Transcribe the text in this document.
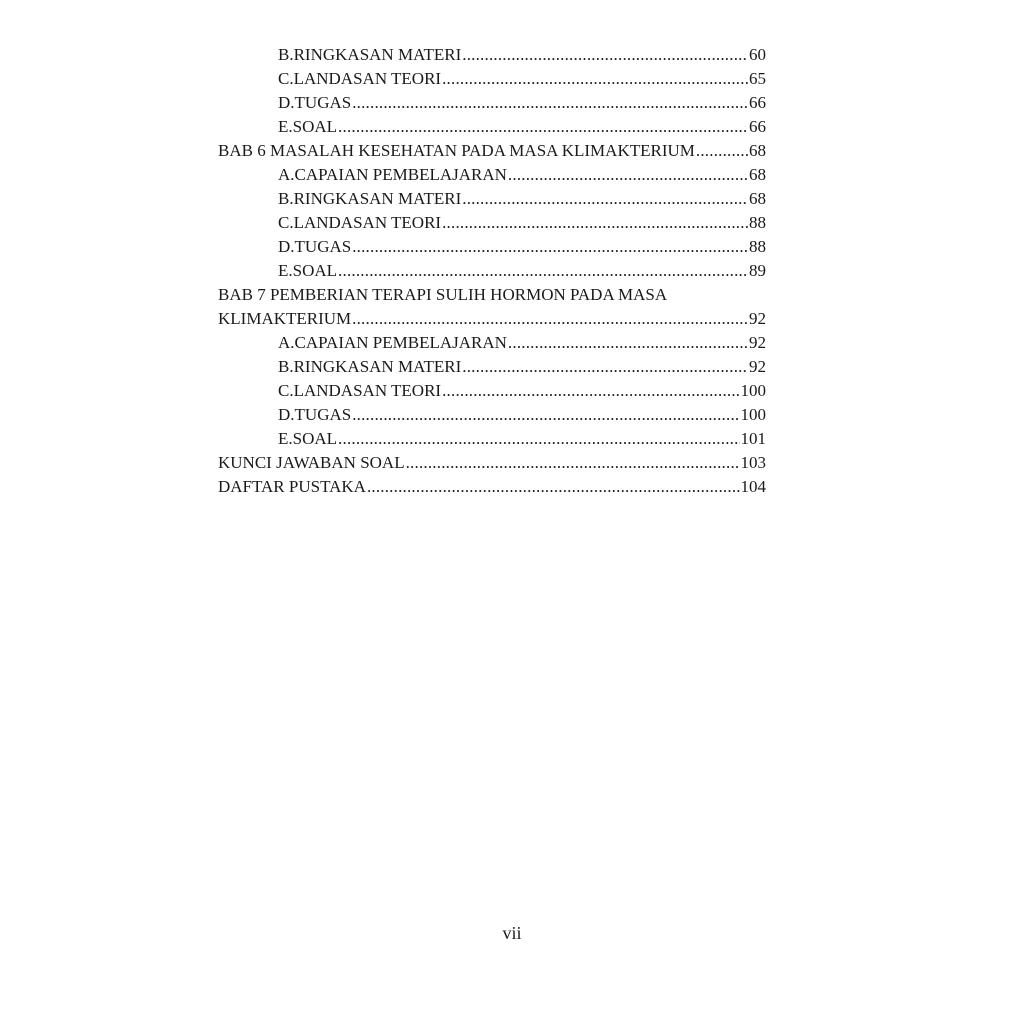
B. RINGKASAN MATERI .....	60
C. LANDASAN TEORI .....	65
D. TUGAS .....	66
E. SOAL .....	66
BAB 6 MASALAH KESEHATAN PADA MASA KLIMAKTERIUM .....	68
A. CAPAIAN PEMBELAJARAN .....	68
B. RINGKASAN MATERI .....	68
C. LANDASAN TEORI .....	88
D. TUGAS .....	88
E. SOAL .....	89
BAB 7 PEMBERIAN TERAPI SULIH HORMON PADA MASA
KLIMAKTERIUM .....	92
A. CAPAIAN PEMBELAJARAN .....	92
B. RINGKASAN MATERI .....	92
C. LANDASAN TEORI .....	100
D. TUGAS .....	100
E. SOAL .....	101
KUNCI JAWABAN SOAL .....	103
DAFTAR PUSTAKA .....	104
vii
